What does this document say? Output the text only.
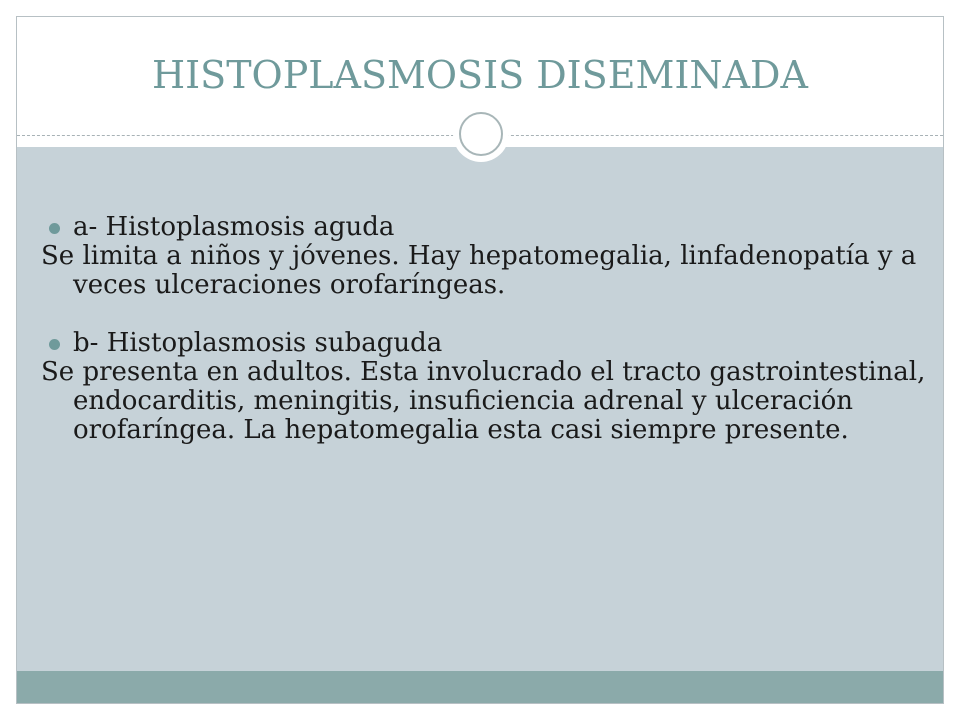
HISTOPLASMOSIS DISEMINADA

a- Histoplasmosis aguda

Se limita a niños y jóvenes. Hay hepatomegalia, linfadenopatía y a veces ulceraciones orofaríngeas.

b- Histoplasmosis subaguda

Se presenta en adultos. Esta involucrado el tracto gastrointestinal, endocarditis, meningitis, insuficiencia adrenal y ulceración orofaríngea. La hepatomegalia esta casi siempre presente.
